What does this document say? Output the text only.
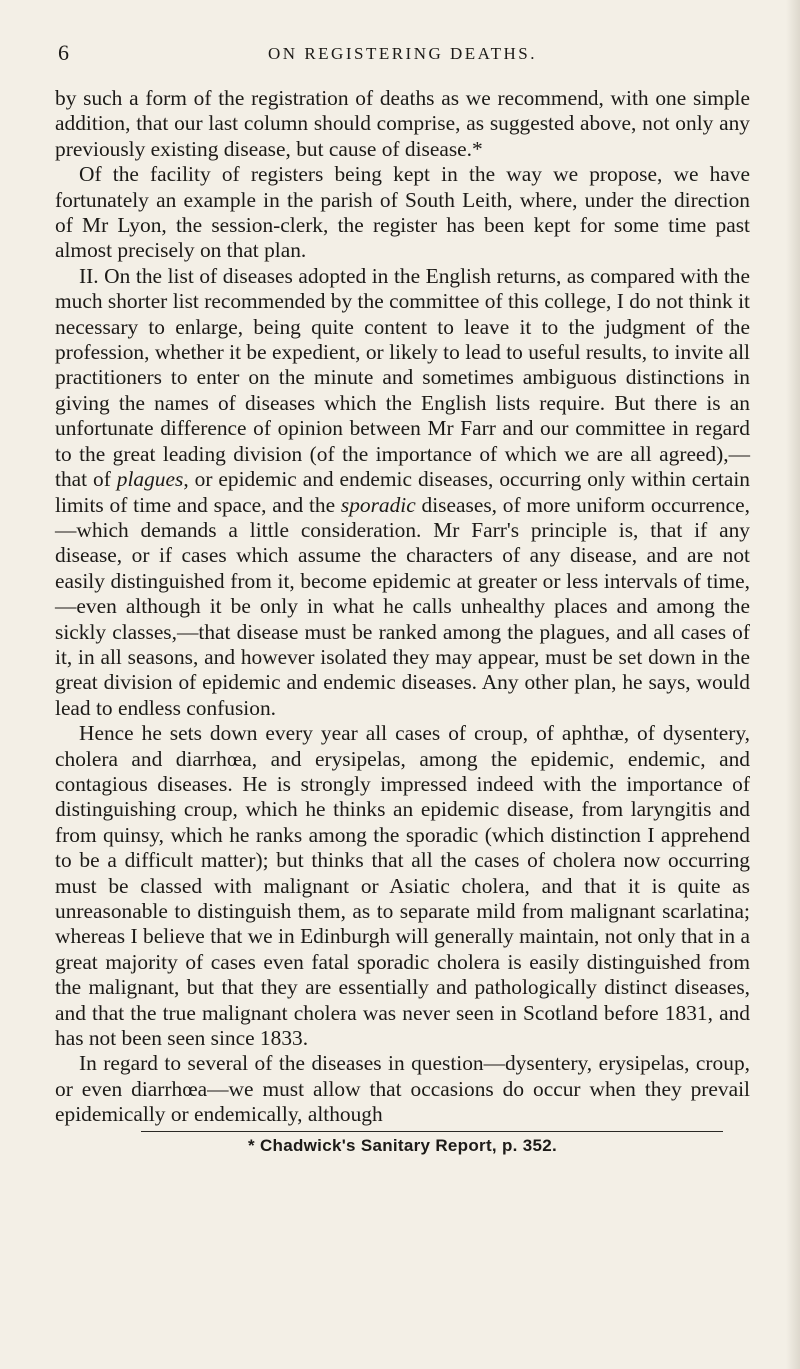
6	ON REGISTERING DEATHS.

by such a form of the registration of deaths as we recommend, with one simple addition, that our last column should comprise, as suggested above, not only any previously existing disease, but cause of disease.*

Of the facility of registers being kept in the way we propose, we have fortunately an example in the parish of South Leith, where, under the direction of Mr Lyon, the session-clerk, the register has been kept for some time past almost precisely on that plan.

II. On the list of diseases adopted in the English returns, as compared with the much shorter list recommended by the committee of this college, I do not think it necessary to enlarge, being quite content to leave it to the judgment of the profession, whether it be expedient, or likely to lead to useful results, to invite all practitioners to enter on the minute and sometimes ambiguous distinctions in giving the names of diseases which the English lists require. But there is an unfortunate difference of opinion between Mr Farr and our committee in regard to the great leading division (of the importance of which we are all agreed),— that of plagues, or epidemic and endemic diseases, occurring only within certain limits of time and space, and the sporadic diseases, of more uniform occurrence,—which demands a little consideration. Mr Farr's principle is, that if any disease, or if cases which assume the characters of any disease, and are not easily distinguished from it, become epidemic at greater or less intervals of time,—even although it be only in what he calls unhealthy places and among the sickly classes,—that disease must be ranked among the plagues, and all cases of it, in all seasons, and however isolated they may appear, must be set down in the great division of epidemic and endemic diseases. Any other plan, he says, would lead to endless confusion.

Hence he sets down every year all cases of croup, of aphthæ, of dysentery, cholera and diarrhœa, and erysipelas, among the epidemic, endemic, and contagious diseases. He is strongly impressed indeed with the importance of distinguishing croup, which he thinks an epidemic disease, from laryngitis and from quinsy, which he ranks among the sporadic (which distinction I apprehend to be a difficult matter); but thinks that all the cases of cholera now occurring must be classed with malignant or Asiatic cholera, and that it is quite as unreasonable to distinguish them, as to separate mild from malignant scarlatina; whereas I believe that we in Edinburgh will generally maintain, not only that in a great majority of cases even fatal sporadic cholera is easily distinguished from the malignant, but that they are essentially and pathologically distinct diseases, and that the true malignant cholera was never seen in Scotland before 1831, and has not been seen since 1833.

In regard to several of the diseases in question—dysentery, erysipelas, croup, or even diarrhœa—we must allow that occasions do occur when they prevail epidemically or endemically, although

* Chadwick's Sanitary Report, p. 352.
